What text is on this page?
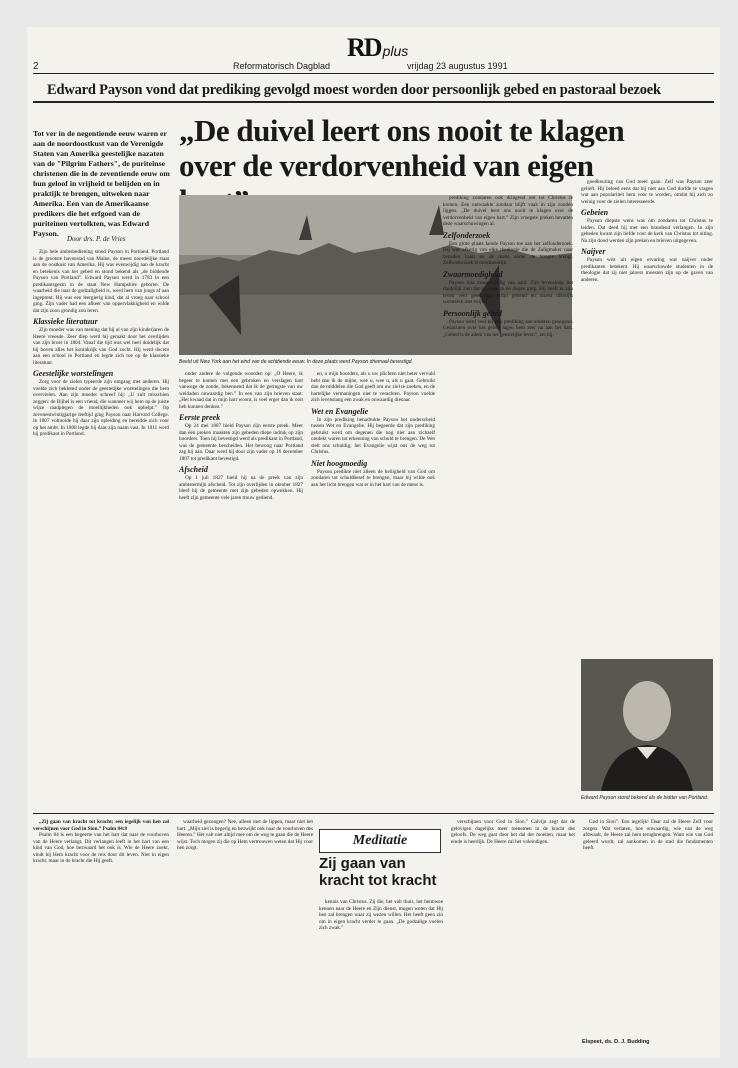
RD plus
2	Reformatorisch Dagblad	vrijdag 23 augustus 1991
Edward Payson vond dat prediking gevolgd moest worden door persoonlijk gebed en pastoraal bezoek
„De duivel leert ons nooit te klagen over de verdorvenheid van eigen
Tot ver in de negentiende eeuw waren er aan de noordoostkust van de Verenigde Staten van Amerika geestelijke nazaten van de "Pilgrim Fathers", de puriteinse christenen die in de zeventiende eeuw om hun geloof in vrijheid te belijden en in praktijk te brengen, uitweken naar Amerika. Een van de Amerikaanse predikers die het erfgoed van de puriteinen vertolkten, was Edward Payson.
Door drs. P. de Vries

Zijn hele ambtsbediening stond Payson in Portland. Portland is de grootste havenstad van Maine, de meest noordelijke staat aan de oostkust van Amerika. Hij was evenwijdig aan de kracht en betekenis van het gebed en stond bekend als „de biddende Payson van Portland”. Edward Payson werd in 1783 in een predikantsgezin in de staat New Hampshire geboren. De waarheid die naar de godzaligheid is, werd hem van jongs af aan ingeprent. Hij was een leergierig kind, dat al vroeg naar school ging. Zijn vader had een afkeer van oppervlakkigheid en wilde dat zijn zoon grondig zou leren.

Klassieke literatuur

Zijn moeder was van mening dat hij al van zijn kinderjaren de Heere vreesde. Zeer diep werd hij geraakt door het overlijden van zijn broer in 1804. Vanaf die tijd was wel heel duidelijk dat hij boven alles het koninkrijk van God zocht. Hij werd docent aan een school in Portland en legde zich toe op de klassieke literatuur.

Geestelijke worstelingen

Zorg voor de zielen typeerde zijn omgang met anderen. Hij voelde zich beklemd onder de geestelijke worstelingen die hem overvielen. Aan zijn moeder schreef hij: „U zult misschien zeggen: de Bijbel is een vriend, die wanneer wij hem op de juiste wijze raadplegen de moeilijkheden ook ophelpt.” Op zevenentwintigjarige leeftijd ging Payson naar Harvard College. In 1807 voltooide hij daar zijn opleiding en bereidde zich voor op het ambt. In 1808 legde hij daar zijn naam vast. In 1811 werd hij predikant in Portland.

Beeld uit New York aan het eind van de achttiende eeuw. In deze plaats werd Payson driemaal bevestigd.

onder andere de volgende woorden op: „O Heere, ik begeer te komen met een gebroken en verslagen hart vanwege de zonde, bekennend dat ik de geringste van uw weldaden onwaardig ben.” In een van zijn brieven staat: „Het kwaad dat in mijn hart woont, is veel erger dan ik ooit heb kunnen denken.”

Eerste preek

Op 24 mei 1807 hield Payson zijn eerste preek. Meer dan één preken maakten zijn gebeden diepe indruk op zijn hoorders. Toen hij bevestigd werd als predikant in Portland, was de gemeente bescheiden. Het bewoog naar Portland zag hij aan. Daar werd hij door zijn vader op 16 december 1807 tot predikant bevestigd.

Afscheid

Op 1 juli 1827 hield hij na de preek van zijn ambtstermijn afscheid. Tot zijn overlijden in oktober 1827 bleef hij de gemeente met zijn gebeden opwekken. Hij heeft zijn gemeente vele jaren trouw gediend.

en, o mijn hoorders, als u uw plichten niet beter vervuld hebt dan ik de mijne, wee u, wee u, als u gaat. Gebruikt dan de middelen die God geeft om uw ziel te zoeken, en de hartelijke vermaningen niet te verachten. Payson voelde zich levenslang een zwak en onwaardig dienaar.

Wet en Evangelie

In zijn prediking benadrukte Payson het onderscheid tussen Wet en Evangelie. Hij begeerde dat zijn prediking gebruikt werd om degenen die nog niet aan zichzelf ontdekt waren tot erkenning van schuld te brengen. De Wet stelt ons schuldig; het Evangelie wijst ons de weg tot Christus.

Niet hoogmoedig

Payson predikte niet alleen de heiligheid van God om zondaren tot schuldbesef te brengen, maar hij wilde ook aan het licht brengen wat er in het hart van de mens is.

prediking zondaren ook dringend om tot Christus te komen. Een ontwaakte zondaar blijft vaak in zijn zonden liggen. „De duivel leert ons nooit te klagen over de verdorvenheid van eigen hart.” Zijn vroegste preken bevatten deze waarschuwingen al.

Zelfonderzoek

Een grote plaats kende Payson toe aan het zelfonderzoek. Hij was afkerig van elke theologie die de Zaligmaker naar beneden haalt en de mens onder de hoogte brengt. Zelfonderzoek is noodzakelijk.

Zwaarmoedigheid

Payson was zwaarmoedig van aard. Zijn levensloop liet duidelijk zien dat hij vaak in de diepte ging. Hij heeft in zijn leven veel geestelijke strijd gekend en moest dikwijls worstelen met twijfel.

Persoonlijk gebed

Payson werd veel bij zijn prediking aan anderen gezegend. Gedachten over het gebed lagen hem zeer na aan het hart. „Gebed is de adem van het geestelijke leven”, zei hij.

goedkeuring van God meer gaan. Zelf was Payson zeer gelieft. Hij beleed eens dat hij niet aan God durfde te vragen wat aan populariteit hem voor te worden, omdat hij zich zo weinig voor de zielen interesseerde.

Gebeien

Payson diepste wens was om zondaren tot Christus te leiden. Dat deed hij met een brandend verlangen. In zijn gebeden kwam zijn liefde voor de kerk van Christus tot uiting. Na zijn dood werden zijn preken en brieven uitgegeven.

Naijver

Payson wist uit eigen ervaring wat naijver onder predikanten betekent. Hij waarschuwde studenten in de theologie dat zij niet jaloers moesten zijn op de gaven van anderen.

Edward Payson stond bekend als de bidder van Portland.

„Zij gaan van kracht tot kracht; een iegelijk van hen zal verschijnen voor God in Sion.” Psalm 84:8

Psalm 84 is een begeerte van het hart dat naar de voorhoven van de Heere verlangt. Dit verlangen leeft in het hart van een kind van God, hoe bezwaard het ook is. Wie de Heere zoekt, vindt bij Hem kracht voor de reis door dit leven. Niet in eigen kracht, maar in de kracht die Hij geeft.

waarheid gezongen? Nee, alleen met de lippen, maar niet het hart. „Mijn ziel is begerig en bezwijkt ook naar de voorhoven des Heeren.” Het valt niet altijd mee om de weg te gaan die de Heere wijst. Toch mogen zij die op Hem vertrouwen weten dat Hij voor hen zorgt.	Meditatie
Zij gaan van kracht tot kracht

kennis van Christus. Zij die, het valt thuis, het heimwee kennen naar de Heere en Zijn dienst, mogen weten dat Hij hen zal brengen waar zij wezen willen. Het heeft geen zin om in eigen kracht verder te gaan. „De godzalige voelen zich zwak.”

verschijnen voor God in Sion.” Calvijn zegt dat de gelovigen dagelijks meer toenemen in de kracht des geloofs. De weg gaat door het dal der moeiten, maar het einde is heerlijk. De Heere zal het voleindigen.

God in Sion”. Een iegelijk! Daar zal de Heere Zelf voor zorgen. Wat verlaten, hoe onwaardig, wie van de weg afdwaalt, de Heere zal hem terugbrengen. Want wie van God geleerd wordt, zal aankomen in de stad die fundamenten heeft.

Elspeet, ds. D. J. Budding
